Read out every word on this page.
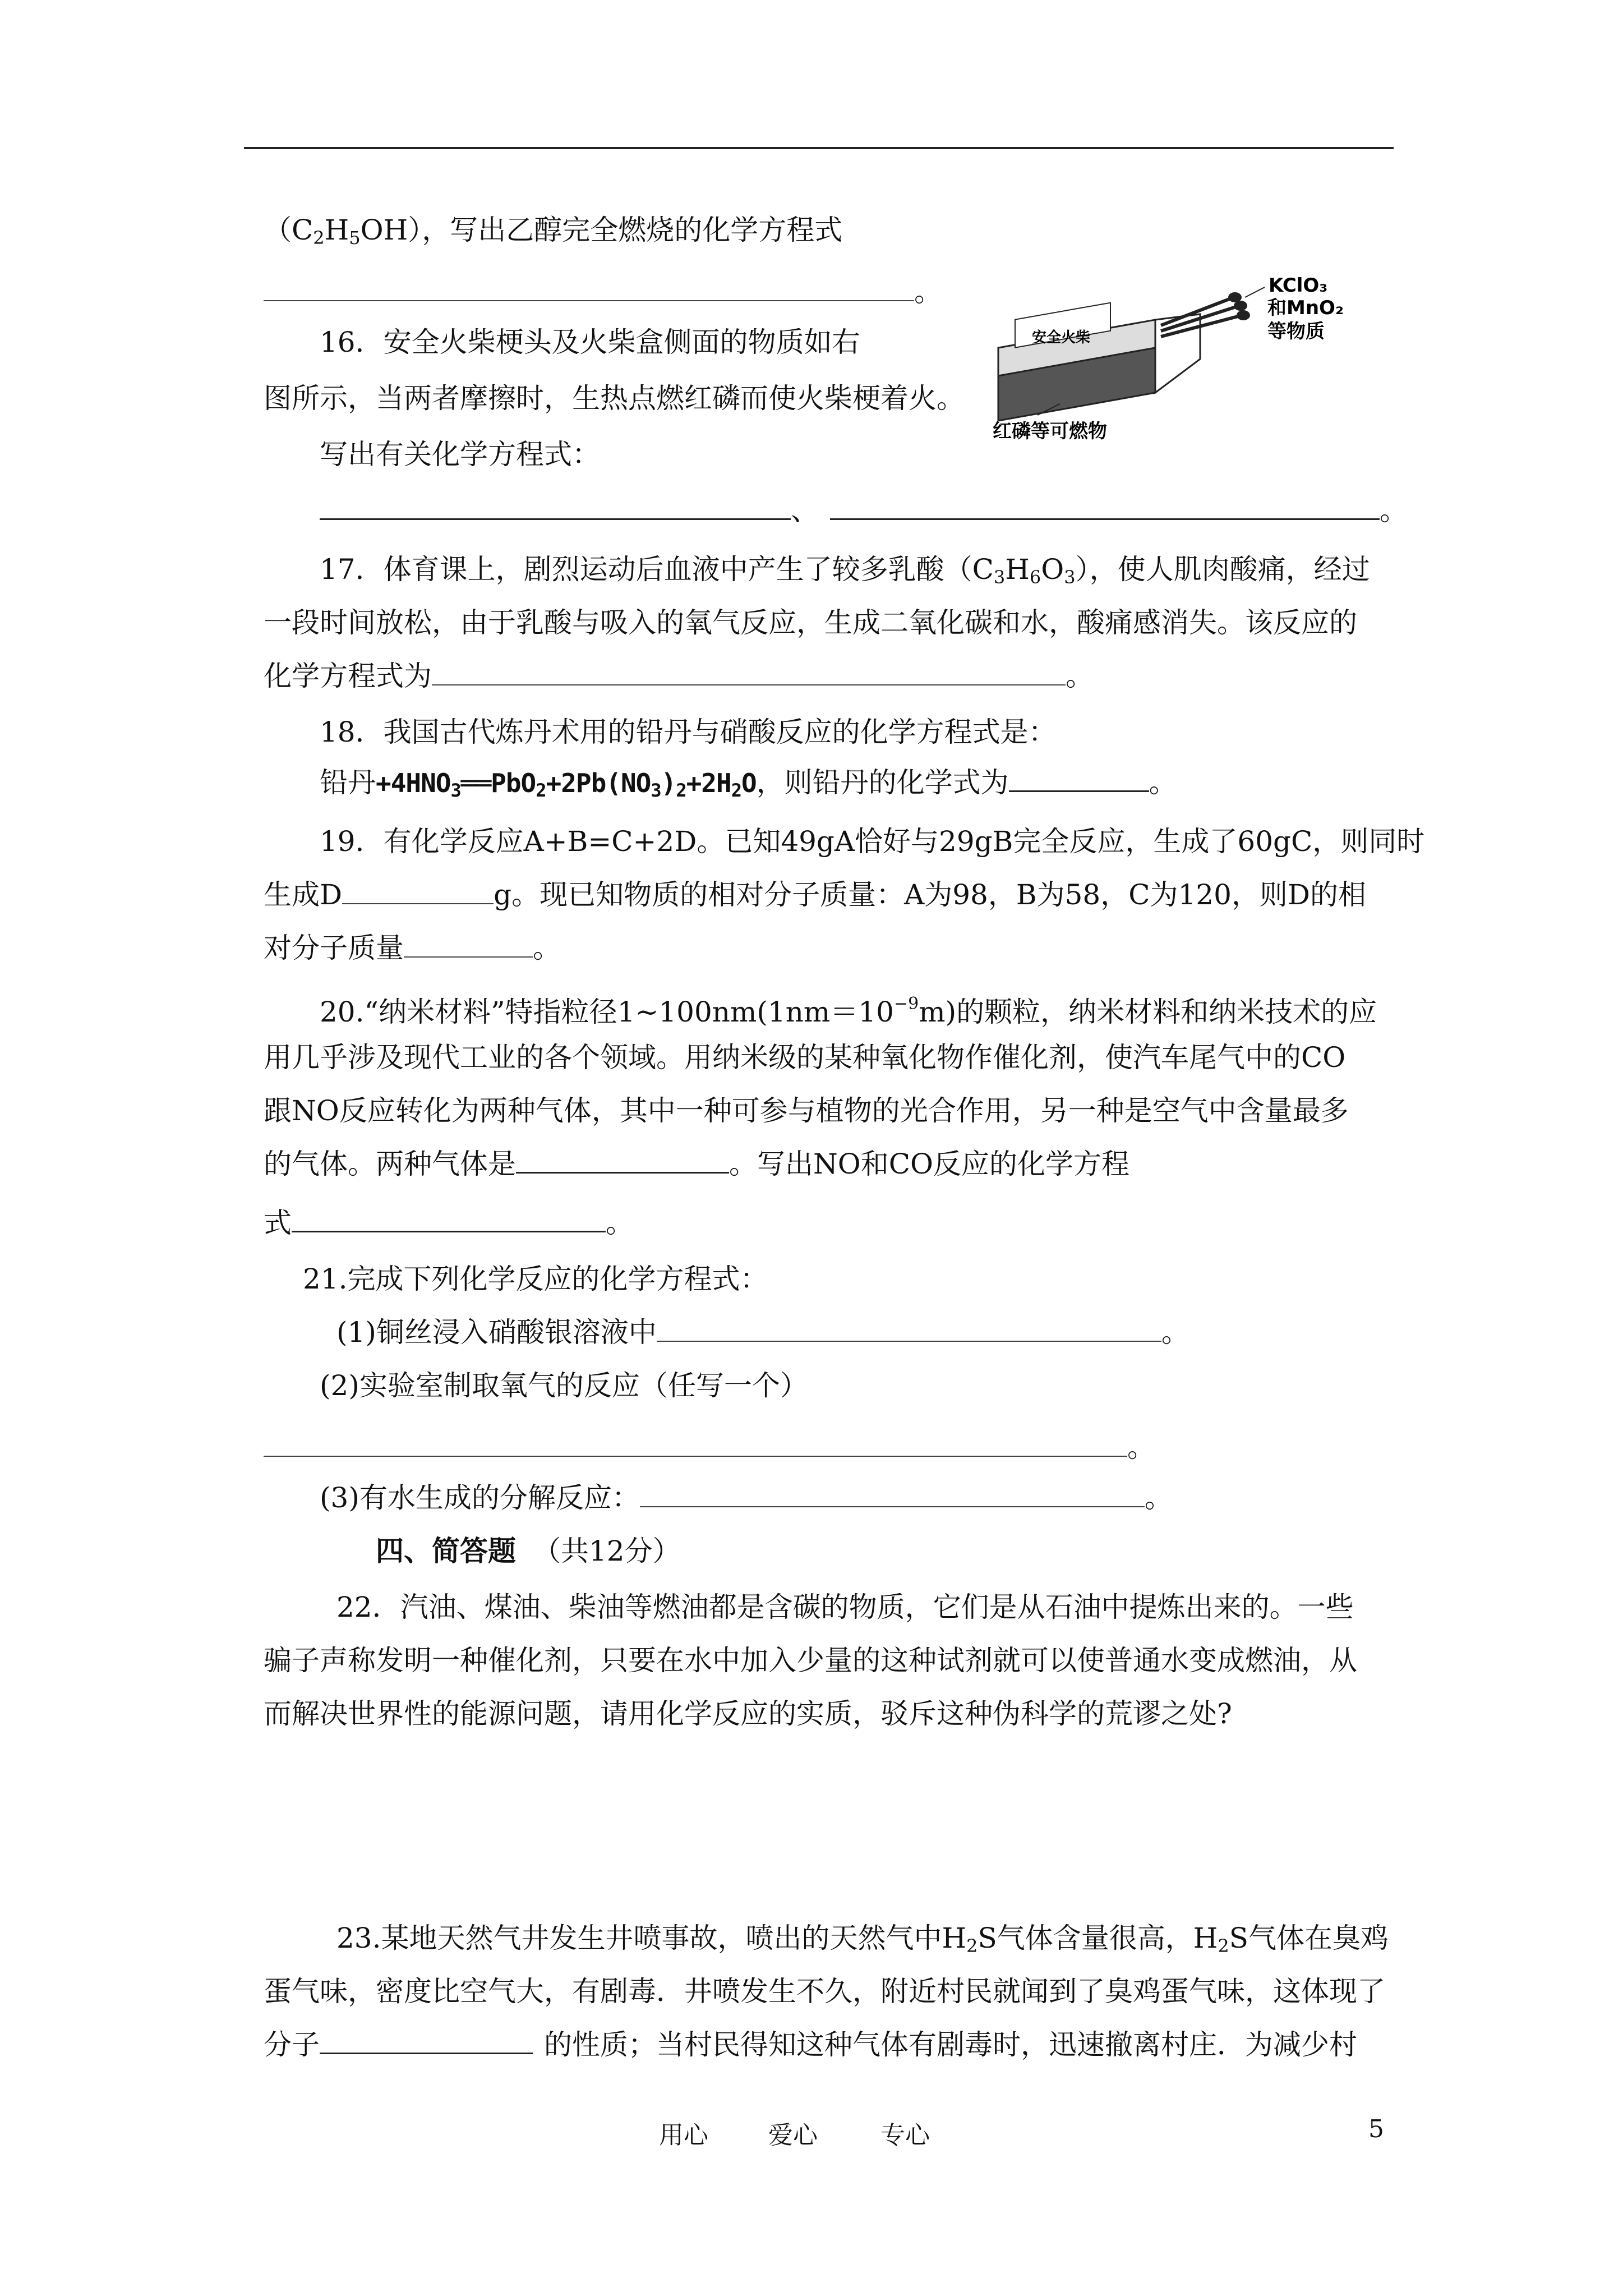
$(C_2H_5OH)$，写出乙醇完全燃烧的化学方程式
。
16．安全火柴梗头及火柴盒侧面的物质如右
图所示，当两者摩擦时，生热点燃红磷而使火柴梗着火。
写出有关化学方程式：
、	。
安全火柴
KClO₃
和MnO₂
等物质
红磷等可燃物
17．体育课上，剧烈运动后血液中产生了较多乳酸$(C_3H_6O_3)$，使人肌肉酸痛，经过
一段时间放松，由于乳酸与吸入的氧气反应，生成二氧化碳和水，酸痛感消失。该反应的
化学方程式为	。
18．我国古代炼丹术用的铅丹与硝酸反应的化学方程式是：
铅丹$+4HNO_3══PbO_2+2Pb(NO_3)_2+2H_2O$，则铅丹的化学式为	。
19．有化学反应A+B=C+2D。已知49gA恰好与29gB完全反应，生成了60gC，则同时
生成D	g。现已知物质的相对分子质量：A为98，B为58，C为120，则D的相
对分子质量	。
20.“纳米材料”特指粒径$1\sim 100nm(1nm=10^{-9}m)$的颗粒，纳米材料和纳米技术的应
用几乎涉及现代工业的各个领域。用纳米级的某种氧化物作催化剂，使汽车尾气中的CO
跟NO反应转化为两种气体，其中一种可参与植物的光合作用，另一种是空气中含量最多
的气体。两种气体是	。写出NO和CO反应的化学方程
式	。
21.完成下列化学反应的化学方程式：
(1)铜丝浸入硝酸银溶液中	。
(2)实验室制取氧气的反应（任写一个）
。
(3)有水生成的分解反应：	。
四、简答题 （共12分）
22．汽油、煤油、柴油等燃油都是含碳的物质，它们是从石油中提炼出来的。一些
骗子声称发明一种催化剂，只要在水中加入少量的这种试剂就可以使普通水变成燃油，从
而解决世界性的能源问题，请用化学反应的实质，驳斥这种伪科学的荒谬之处?
23.某地天然气井发生井喷事故，喷出的天然气中$H_2S$气体含量很高，$H_2S$气体在臭鸡
蛋气味，密度比空气大，有剧毒．井喷发生不久，附近村民就闻到了臭鸡蛋气味，这体现了
分子	的性质；当村民得知这种气体有剧毒时，迅速撤离村庄．为减少村
用心 爱心	专心	5
